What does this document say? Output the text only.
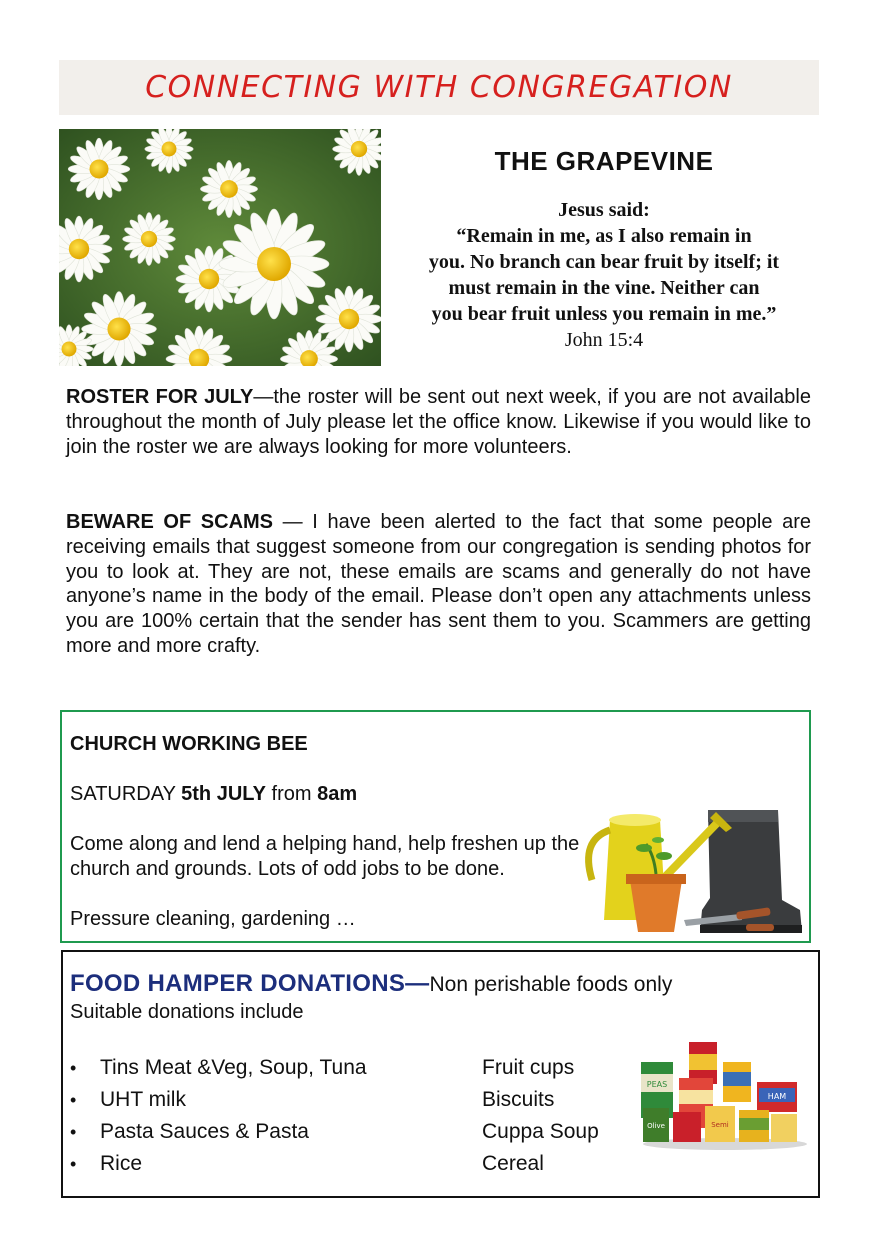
CONNECTING WITH CONGREGATION
THE GRAPEVINE
Jesus said:
“Remain in me, as I also remain in
you. No branch can bear fruit by itself; it
must remain in the vine. Neither can
you bear fruit unless you remain in me.”
John 15:4

ROSTER FOR JULY—the roster will be sent out next week, if you are not available throughout the month of July please let the office know. Likewise if you would like to join the roster we are always looking for more volunteers.

BEWARE OF SCAMS — I have been alerted to the fact that some people are receiving emails that suggest someone from our congregation is sending photos for you to look at. They are not, these emails are scams and generally do not have anyone’s name in the body of the email. Please don’t open any attachments unless you are 100% certain that the sender has sent them to you. Scammers are getting more and more crafty.

CHURCH WORKING BEE
SATURDAY 5th JULY from 8am
Come along and lend a helping hand, help freshen up the
church and grounds. Lots of odd jobs to be done.
Pressure cleaning, gardening …
FOOD HAMPER DONATIONS—Non perishable foods only
Suitable donations include
• Tins Meat &Veg, Soup, Tuna
• UHT milk
• Pasta Sauces & Pasta
• Rice
Fruit cups
Biscuits
Cuppa Soup
Cereal
PEAS
HAM
Olive	Semi
